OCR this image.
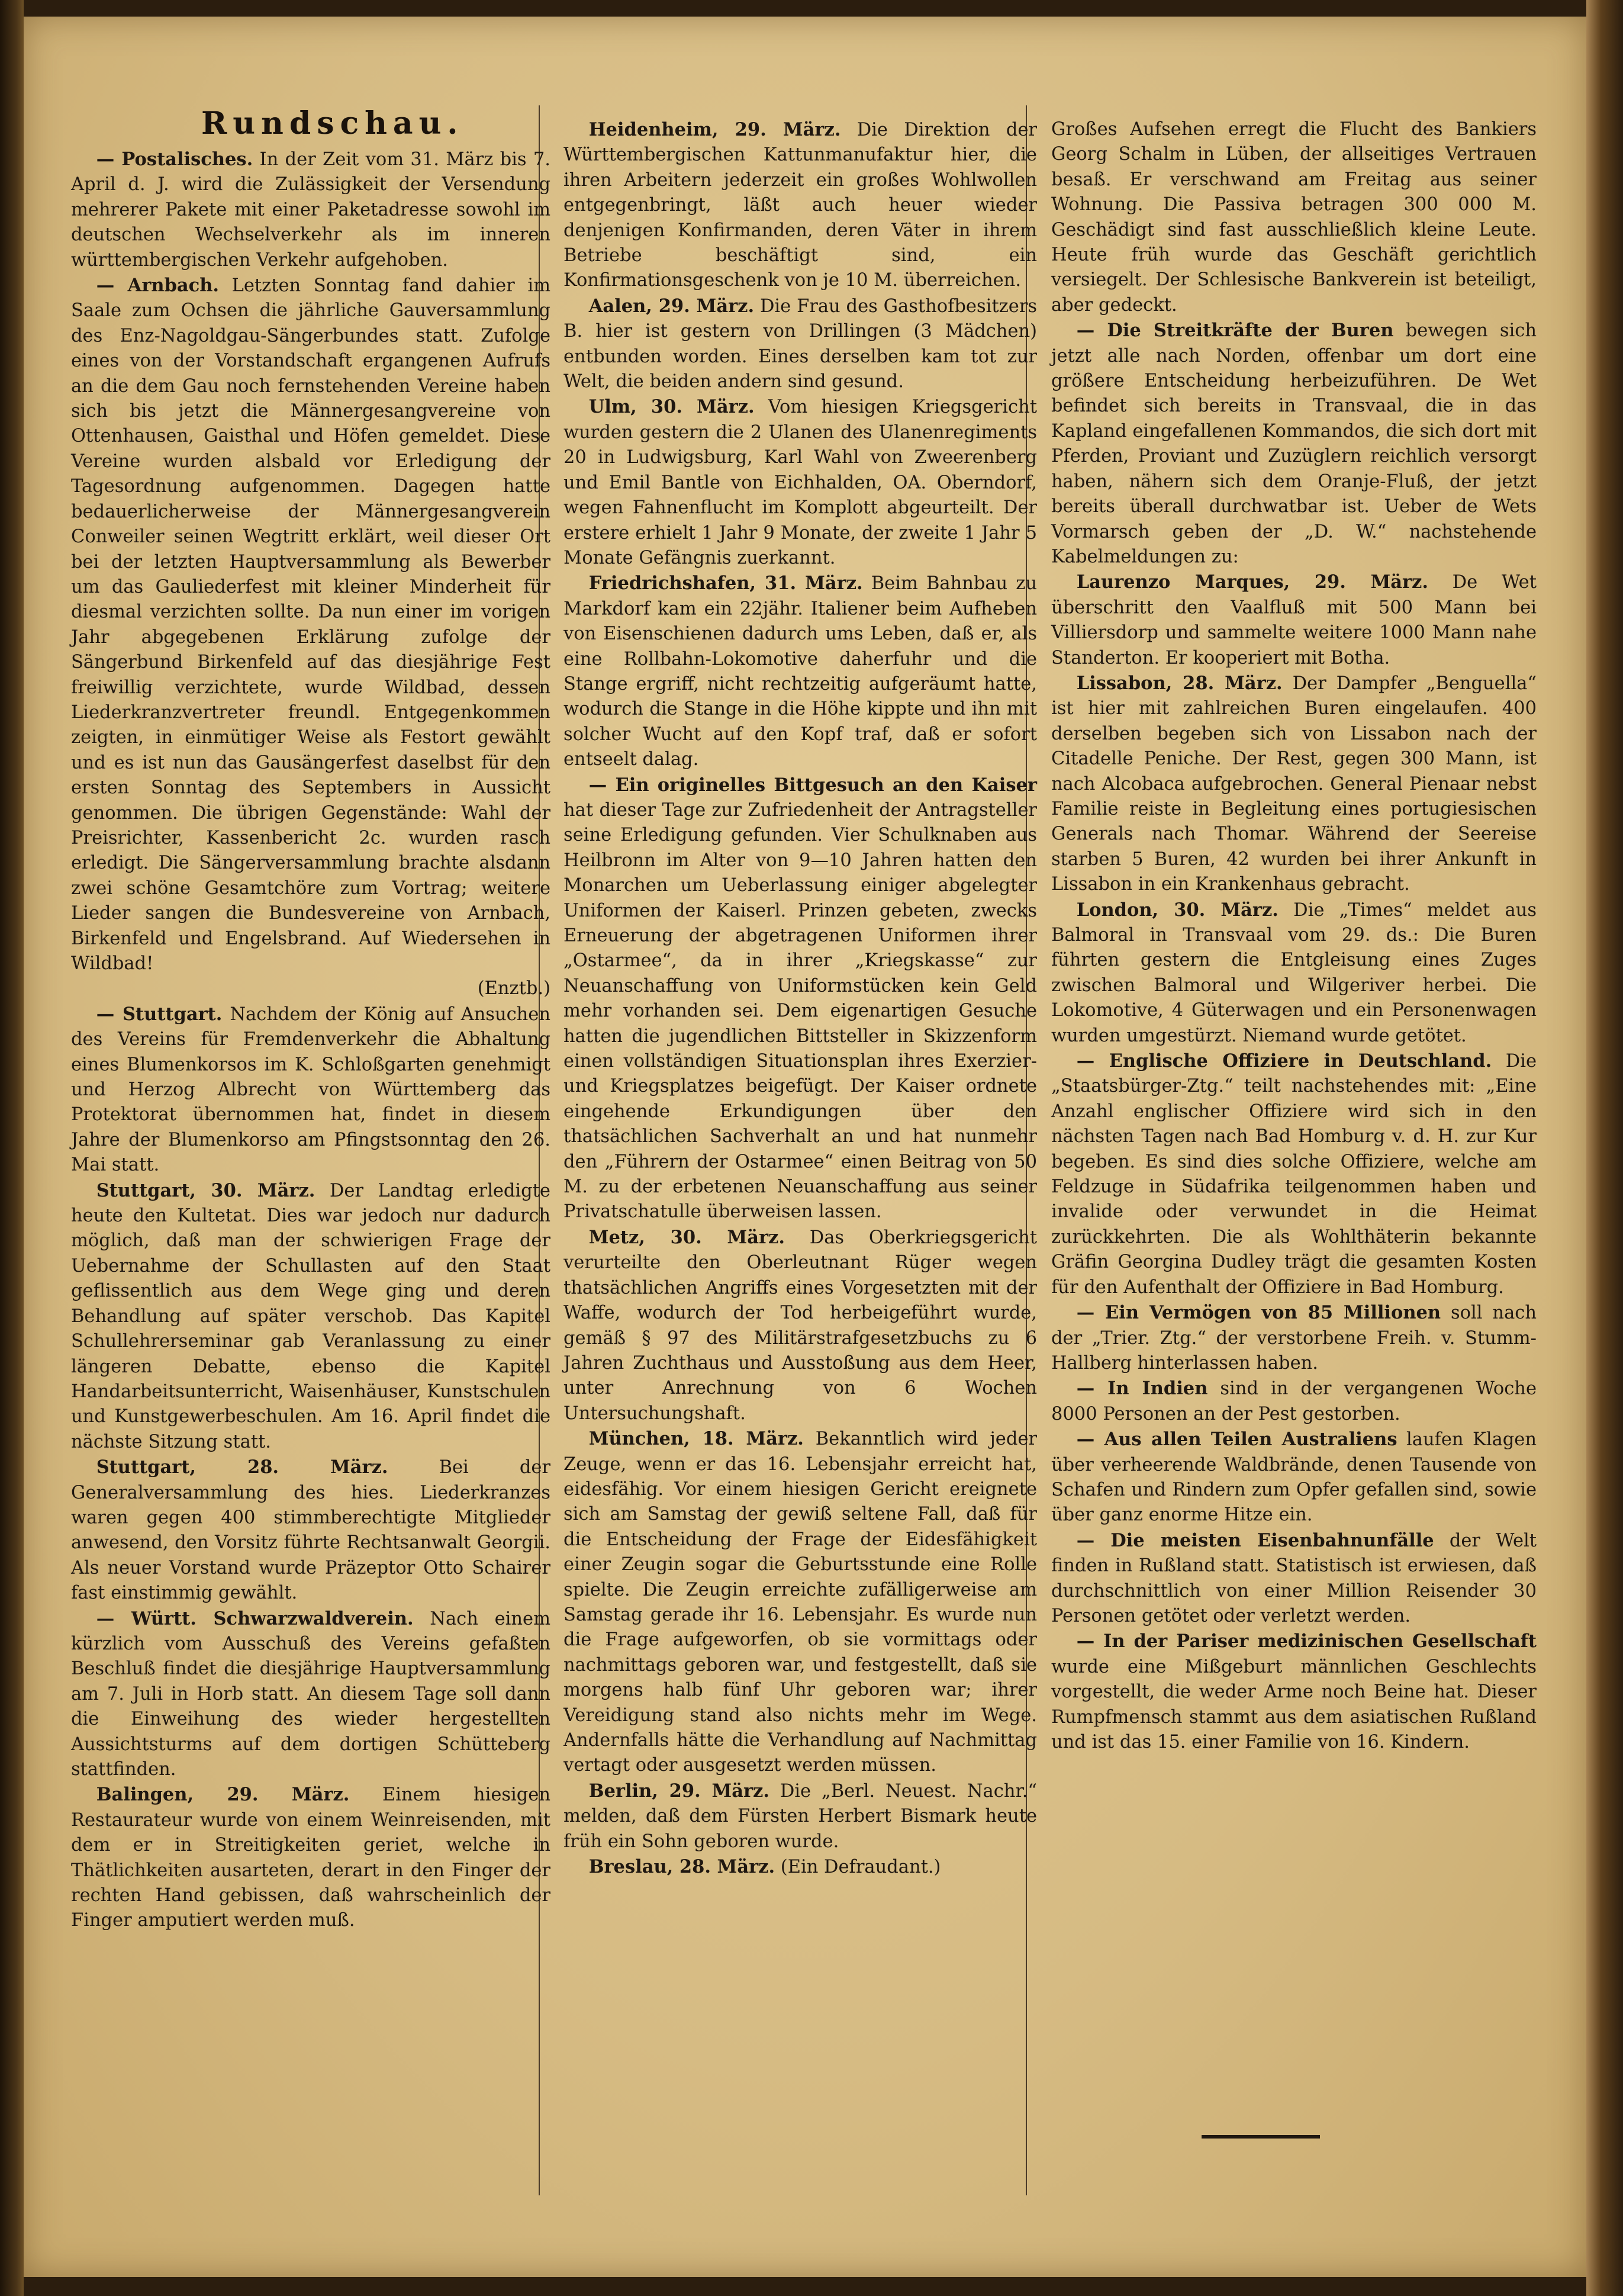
Rundschau.

— Postalisches. In der Zeit vom 31. März bis 7. April d. J. wird die Zulässigkeit der Versendung mehrerer Pakete mit einer Paketadresse sowohl im deutschen Wechselverkehr als im inneren württembergischen Verkehr aufgehoben.

— Arnbach. Letzten Sonntag fand dahier im Saale zum Ochsen die jährliche Gauversammlung des Enz-Nagoldgau-Sängerbundes statt. Zufolge eines von der Vorstandschaft ergangenen Aufrufs an die dem Gau noch fernstehenden Vereine haben sich bis jetzt die Männergesangvereine von Ottenhausen, Gaisthal und Höfen gemeldet. Diese Vereine wurden alsbald vor Erledigung der Tagesordnung aufgenommen. Dagegen hatte bedauerlicherweise der Männergesangverein Conweiler seinen Wegtritt erklärt, weil dieser Ort bei der letzten Hauptversammlung als Bewerber um das Gauliederfest mit kleiner Minderheit für diesmal verzichten sollte. Da nun einer im vorigen Jahr abgegebenen Erklärung zufolge der Sängerbund Birkenfeld auf das diesjährige Fest freiwillig verzichtete, wurde Wildbad, dessen Liederkranzvertreter freundl. Entgegenkommen zeigten, in einmütiger Weise als Festort gewählt und es ist nun das Gausängerfest daselbst für den ersten Sonntag des Septembers in Aussicht genommen. Die übrigen Gegenstände: Wahl der Preisrichter, Kassenbericht 2c. wurden rasch erledigt. Die Sängerversammlung brachte alsdann zwei schöne Gesamtchöre zum Vortrag; weitere Lieder sangen die Bundesvereine von Arnbach, Birkenfeld und Engelsbrand. Auf Wiedersehen in Wildbad!

(Enztb.)

— Stuttgart. Nachdem der König auf Ansuchen des Vereins für Fremdenverkehr die Abhaltung eines Blumenkorsos im K. Schloßgarten genehmigt und Herzog Albrecht von Württemberg das Protektorat übernommen hat, findet in diesem Jahre der Blumenkorso am Pfingstsonntag den 26. Mai statt.

Stuttgart, 30. März. Der Landtag erledigte heute den Kultetat. Dies war jedoch nur dadurch möglich, daß man der schwierigen Frage der Uebernahme der Schullasten auf den Staat geflissentlich aus dem Wege ging und deren Behandlung auf später verschob. Das Kapitel Schullehrerseminar gab Veranlassung zu einer längeren Debatte, ebenso die Kapitel Handarbeitsunterricht, Waisenhäuser, Kunstschulen und Kunstgewerbeschulen. Am 16. April findet die nächste Sitzung statt.

Stuttgart, 28. März.	Bei der Generalversammlung des hies. Liederkranzes waren gegen 400 stimmberechtigte Mitglieder anwesend, den Vorsitz führte Rechtsanwalt Georgii. Als neuer Vorstand wurde Präzeptor Otto Schairer fast einstimmig gewählt.

— Württ. Schwarzwaldverein. Nach einem kürzlich vom Ausschuß des Vereins gefaßten Beschluß findet die diesjährige Hauptversammlung am 7. Juli in Horb statt. An diesem Tage soll dann die Einweihung des wieder hergestellten Aussichtsturms auf dem dortigen Schütteberg stattfinden.

Balingen, 29. März. Einem hiesigen Restaurateur wurde von einem Weinreisenden, mit dem er in Streitigkeiten geriet, welche in Thätlichkeiten ausarteten, derart in den Finger der rechten Hand gebissen, daß wahrscheinlich der Finger amputiert werden muß.

Heidenheim, 29. März. Die Direktion der Württembergischen Kattunmanufaktur hier, die ihren Arbeitern jederzeit ein großes Wohlwollen entgegenbringt, läßt auch heuer wieder denjenigen Konfirmanden, deren Väter in ihrem Betriebe beschäftigt sind, ein Konfirmationsgeschenk von je 10 M. überreichen.

Aalen, 29. März. Die Frau des Gasthofbesitzers B. hier ist gestern von Drillingen (3 Mädchen) entbunden worden. Eines derselben kam tot zur Welt, die beiden andern sind gesund.

Ulm, 30. März. Vom hiesigen Kriegsgericht wurden gestern die 2 Ulanen des Ulanenregiments 20 in Ludwigsburg, Karl Wahl von Zweerenberg und Emil Bantle von Eichhalden, OA. Oberndorf, wegen Fahnenflucht im Komplott abgeurteilt. Der erstere erhielt 1 Jahr 9 Monate, der zweite 1 Jahr 5 Monate Gefängnis zuerkannt.

Friedrichshafen, 31. März. Beim Bahnbau zu Markdorf kam ein 22jähr. Italiener beim Aufheben von Eisenschienen dadurch ums Leben, daß er, als eine Rollbahn-Lokomotive daherfuhr und die Stange ergriff, nicht rechtzeitig aufgeräumt hatte, wodurch die Stange in die Höhe kippte und ihn mit solcher Wucht auf den Kopf traf, daß er sofort entseelt dalag.

— Ein originelles Bittgesuch an den Kaiser hat dieser Tage zur Zufriedenheit der Antragsteller seine Erledigung gefunden. Vier Schulknaben aus Heilbronn im Alter von 9—10 Jahren hatten den Monarchen um Ueberlassung einiger abgelegter Uniformen der Kaiserl. Prinzen gebeten, zwecks Erneuerung der abgetragenen Uniformen ihrer „Ostarmee“, da in ihrer „Kriegskasse“ zur Neuanschaffung von Uniformstücken kein Geld mehr vorhanden sei. Dem eigenartigen Gesuche hatten die jugendlichen Bittsteller in Skizzenform einen vollständigen Situationsplan ihres Exerzier- und Kriegsplatzes beigefügt. Der Kaiser ordnete eingehende Erkundigungen über den thatsächlichen Sachverhalt an und hat nunmehr den „Führern der Ostarmee“ einen Beitrag von 50 M. zu der erbetenen Neuanschaffung aus seiner Privatschatulle überweisen lassen.

Metz, 30. März. Das Oberkriegsgericht verurteilte den Oberleutnant Rüger wegen thatsächlichen Angriffs eines Vorgesetzten mit der Waffe, wodurch der Tod herbeigeführt wurde, gemäß § 97 des Militärstrafgesetzbuchs zu 6 Jahren Zuchthaus und Ausstoßung aus dem Heer, unter Anrechnung von 6 Wochen Untersuchungshaft.

München, 18. März. Bekanntlich wird jeder Zeuge, wenn er das 16. Lebensjahr erreicht hat, eidesfähig. Vor einem hiesigen Gericht ereignete sich am Samstag der gewiß seltene Fall, daß für die Entscheidung der Frage der Eidesfähigkeit einer Zeugin sogar die Geburtsstunde eine Rolle spielte. Die Zeugin erreichte zufälligerweise am Samstag gerade ihr 16. Lebensjahr. Es wurde nun die Frage aufgeworfen, ob sie vormittags oder nachmittags geboren war, und festgestellt, daß sie morgens halb fünf Uhr geboren war; ihrer Vereidigung stand also nichts mehr im Wege. Andernfalls hätte die Verhandlung auf Nachmittag vertagt oder ausgesetzt werden müssen.

Berlin, 29. März. Die „Berl. Neuest. Nachr.“ melden, daß dem Fürsten Herbert Bismark heute früh ein Sohn geboren wurde.

Breslau, 28. März. (Ein Defraudant.)

Großes Aufsehen erregt die Flucht des Bankiers Georg Schalm in Lüben, der allseitiges Vertrauen besaß. Er verschwand am Freitag aus seiner Wohnung. Die Passiva betragen 300 000 M. Geschädigt sind fast ausschließlich kleine Leute. Heute früh wurde das Geschäft gerichtlich versiegelt. Der Schlesische Bankverein ist beteiligt, aber gedeckt.

— Die Streitkräfte der Buren bewegen sich jetzt alle nach Norden, offenbar um dort eine größere Entscheidung herbeizuführen. De Wet befindet sich bereits in Transvaal, die in das Kapland eingefallenen Kommandos, die sich dort mit Pferden, Proviant und Zuzüglern reichlich versorgt haben, nähern sich dem Oranje-Fluß, der jetzt bereits überall durchwatbar ist. Ueber de Wets Vormarsch geben der „D. W.“ nachstehende Kabelmeldungen zu:

Laurenzo Marques, 29. März. De Wet überschritt den Vaalfluß mit 500 Mann bei Villiersdorp und sammelte weitere 1000 Mann nahe Standerton. Er kooperiert mit Botha.

Lissabon, 28. März. Der Dampfer „Benguella“ ist hier mit zahlreichen Buren eingelaufen. 400 derselben begeben sich von Lissabon nach der Citadelle Peniche. Der Rest, gegen 300 Mann, ist nach Alcobaca aufgebrochen. General Pienaar nebst Familie reiste in Begleitung eines portugiesischen Generals nach Thomar. Während der Seereise starben 5 Buren, 42 wurden bei ihrer Ankunft in Lissabon in ein Krankenhaus gebracht.

London, 30. März. Die „Times“ meldet aus Balmoral in Transvaal vom 29. ds.: Die Buren führten gestern die Entgleisung eines Zuges zwischen Balmoral und Wilgeriver herbei. Die Lokomotive, 4 Güterwagen und ein Personenwagen wurden umgestürzt. Niemand wurde getötet.

— Englische Offiziere in Deutschland. Die „Staatsbürger-Ztg.“ teilt nachstehendes mit: „Eine Anzahl englischer Offiziere wird sich in den nächsten Tagen nach Bad Homburg v. d. H. zur Kur begeben. Es sind dies solche Offiziere, welche am Feldzuge in Südafrika teilgenommen haben und invalide oder verwundet in die Heimat zurückkehrten. Die als Wohlthäterin bekannte Gräfin Georgina Dudley trägt die gesamten Kosten für den Aufenthalt der Offiziere in Bad Homburg.

— Ein Vermögen von 85 Millionen soll nach der „Trier. Ztg.“ der verstorbene Freih. v. Stumm-Hallberg hinterlassen haben.

— In Indien sind in der vergangenen Woche 8000 Personen an der Pest gestorben.

— Aus allen Teilen Australiens laufen Klagen über verheerende Waldbrände, denen Tausende von Schafen und Rindern zum Opfer gefallen sind, sowie über ganz enorme Hitze ein.

— Die meisten Eisenbahnunfälle der Welt finden in Rußland statt. Statistisch ist erwiesen, daß durchschnittlich von einer Million Reisender 30 Personen getötet oder verletzt werden.

— In der Pariser medizinischen Gesellschaft wurde eine Mißgeburt männlichen Geschlechts vorgestellt, die weder Arme noch Beine hat. Dieser Rumpfmensch stammt aus dem asiatischen Rußland und ist das 15. einer Familie von 16. Kindern.
